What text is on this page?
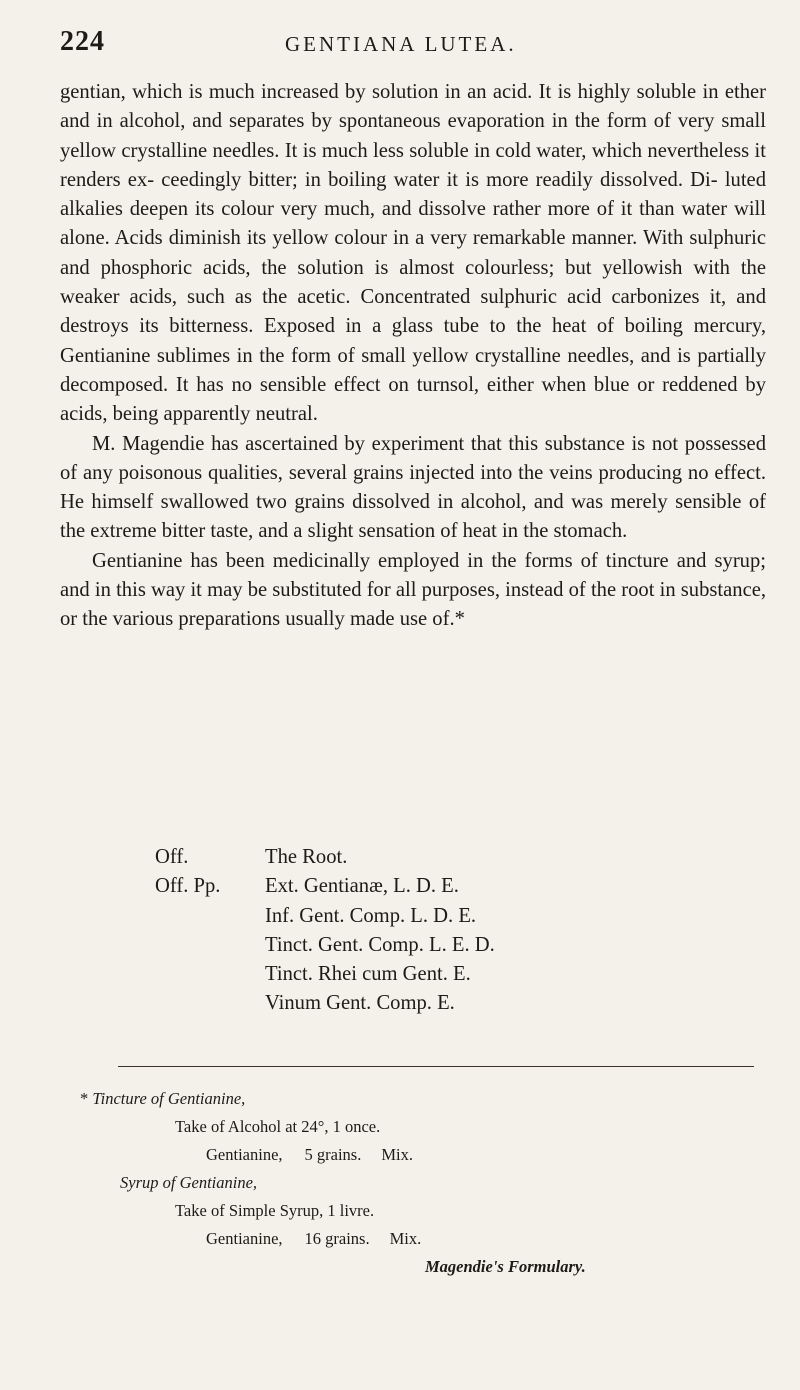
224	GENTIANA LUTEA.

gentian, which is much increased by solution in an acid. It is highly soluble in ether and in alcohol, and separates by spontaneous evaporation in the form of very small yellow crystalline needles. It is much less soluble in cold water, which nevertheless it renders ex- ceedingly bitter; in boiling water it is more readily dissolved. Di- luted alkalies deepen its colour very much, and dissolve rather more of it than water will alone. Acids diminish its yellow colour in a very remarkable manner. With sulphuric and phosphoric acids, the solution is almost colourless; but yellowish with the weaker acids, such as the acetic. Concentrated sulphuric acid carbonizes it, and destroys its bitterness. Exposed in a glass tube to the heat of boiling mercury, Gentianine sublimes in the form of small yellow crystalline needles, and is partially decomposed. It has no sensible effect on turnsol, either when blue or reddened by acids, being apparently neutral.

M. Magendie has ascertained by experiment that this substance is not possessed of any poisonous qualities, several grains injected into the veins producing no effect. He himself swallowed two grains dissolved in alcohol, and was merely sensible of the extreme bitter taste, and a slight sensation of heat in the stomach.

Gentianine has been medicinally employed in the forms of tincture and syrup; and in this way it may be substituted for all purposes, instead of the root in substance, or the various preparations usually made use of.*

Off.	The Root.
Off. Pp.	Ext. Gentianæ, L. D. E.
Inf. Gent. Comp. L. D. E.
Tinct. Gent. Comp. L. E. D.
Tinct. Rhei cum Gent. E.
Vinum Gent. Comp. E.
* Tincture of Gentianine,
Take of Alcohol at 24°, 1 once.
Gentianine, 5 grains. Mix.
Syrup of Gentianine,
Take of Simple Syrup, 1 livre.
Gentianine, 16 grains. Mix.
Magendie's Formulary.
